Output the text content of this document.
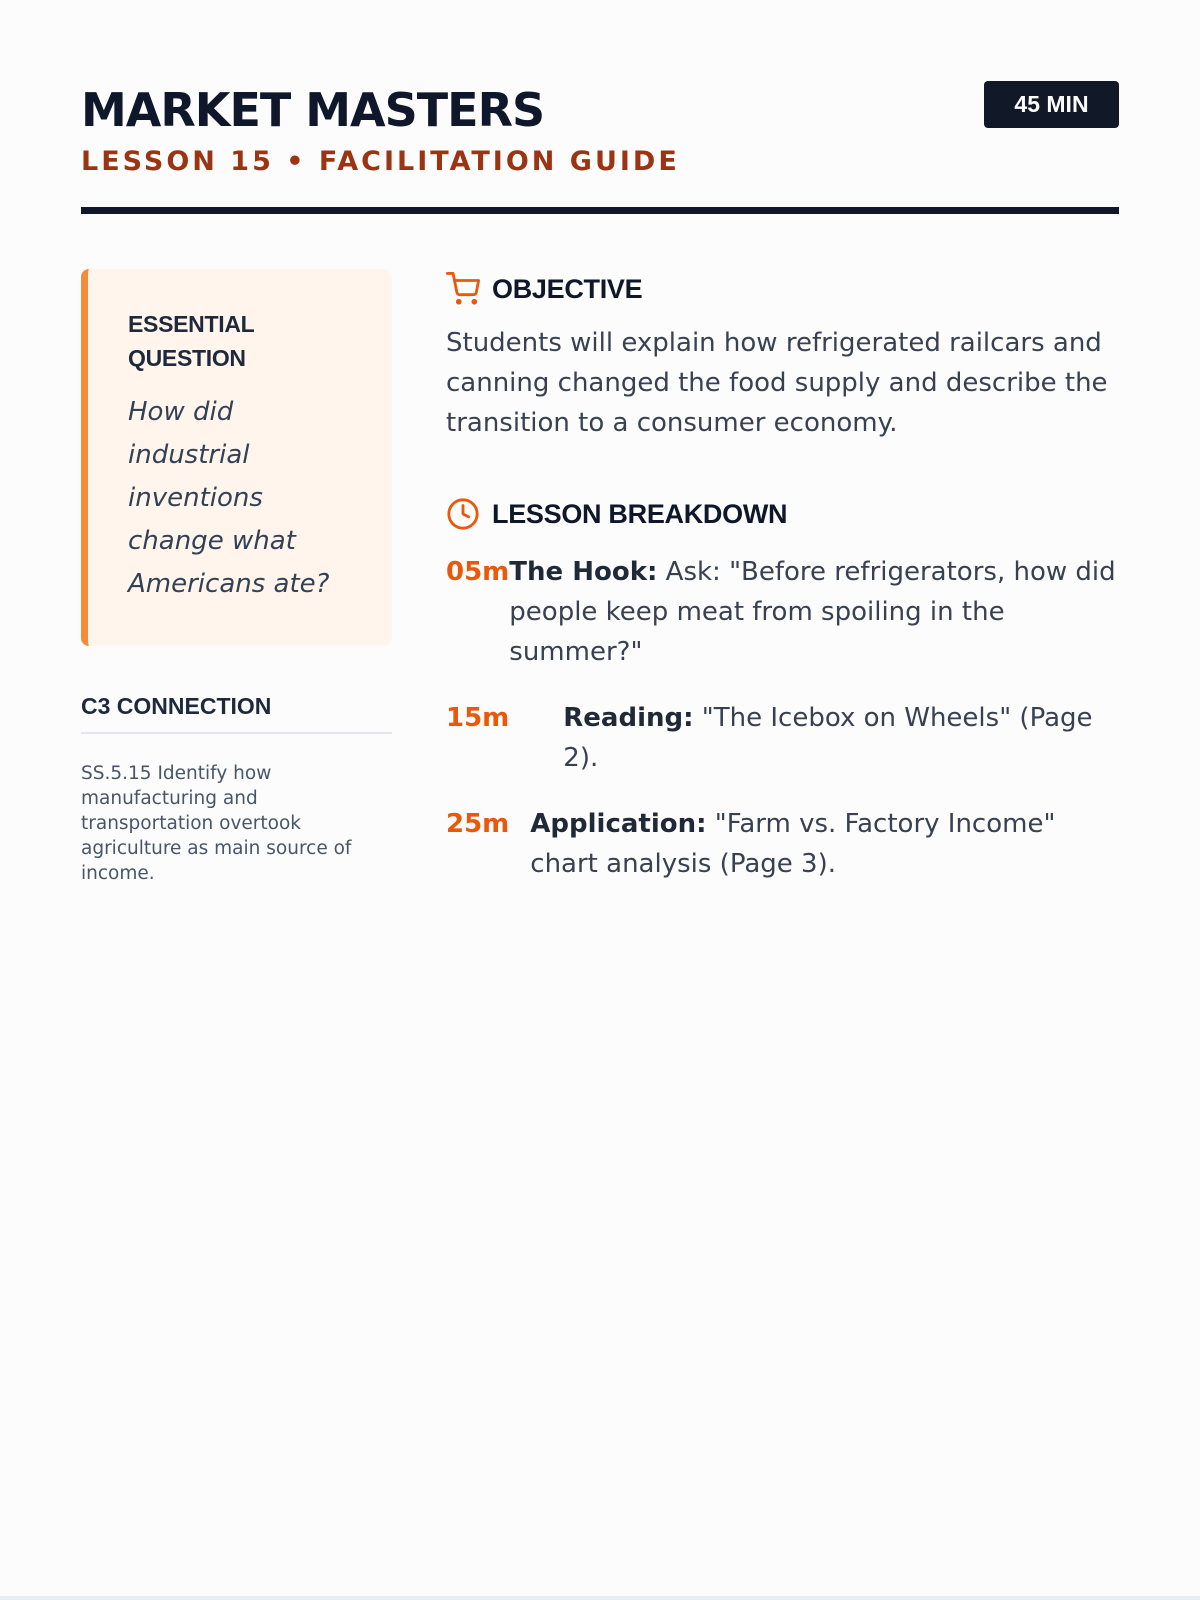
MARKET MASTERS
LESSON 15 • FACILITATION GUIDE
45 MIN
ESSENTIAL QUESTION
How did industrial inventions change what Americans ate?
C3 CONNECTION
SS.5.15 Identify how manufacturing and transportation overtook agriculture as main source of income.
OBJECTIVE
Students will explain how refrigerated railcars and canning changed the food supply and describe the transition to a consumer economy.
LESSON BREAKDOWN
05m The Hook: Ask: "Before refrigerators, how did people keep meat from spoiling in the summer?"
15m Reading: "The Icebox on Wheels" (Page 2).
25m Application: "Farm vs. Factory Income" chart analysis (Page 3).
